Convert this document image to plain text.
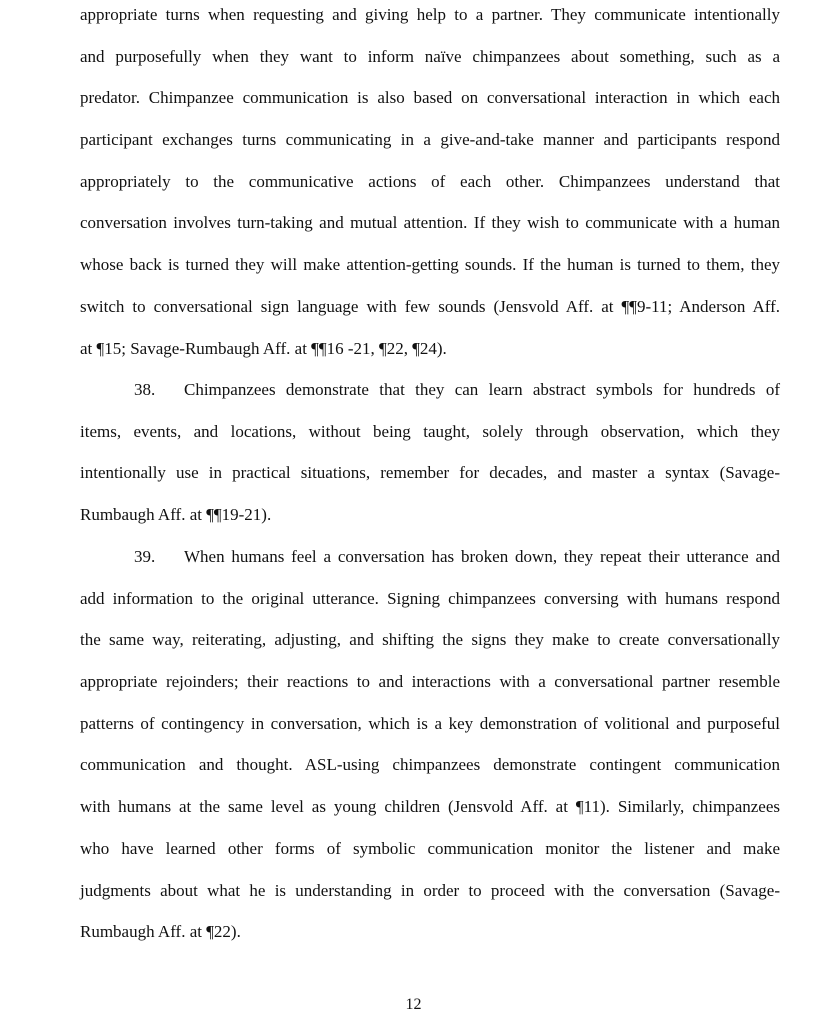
appropriate turns when requesting and giving help to a partner. They communicate intentionally
and purposefully when they want to inform naïve chimpanzees about something, such as a
predator. Chimpanzee communication is also based on conversational interaction in which each
participant exchanges turns communicating in a give-and-take manner and participants respond
appropriately to the communicative actions of each other. Chimpanzees understand that
conversation involves turn-taking and mutual attention. If they wish to communicate with a human
whose back is turned they will make attention-getting sounds. If the human is turned to them, they
switch to conversational sign language with few sounds (Jensvold Aff. at ¶¶9-11; Anderson Aff.
at ¶15; Savage-Rumbaugh Aff. at ¶¶16 -21, ¶22, ¶24).
38. Chimpanzees demonstrate that they can learn abstract symbols for hundreds of
items, events, and locations, without being taught, solely through observation, which they
intentionally use in practical situations, remember for decades, and master a syntax (Savage-
Rumbaugh Aff. at ¶¶19-21).
39. When humans feel a conversation has broken down, they repeat their utterance and
add information to the original utterance. Signing chimpanzees conversing with humans respond
the same way, reiterating, adjusting, and shifting the signs they make to create conversationally
appropriate rejoinders; their reactions to and interactions with a conversational partner resemble
patterns of contingency in conversation, which is a key demonstration of volitional and purposeful
communication and thought. ASL-using chimpanzees demonstrate contingent communication
with humans at the same level as young children (Jensvold Aff. at ¶11). Similarly, chimpanzees
who have learned other forms of symbolic communication monitor the listener and make
judgments about what he is understanding in order to proceed with the conversation (Savage-
Rumbaugh Aff. at ¶22).
12
